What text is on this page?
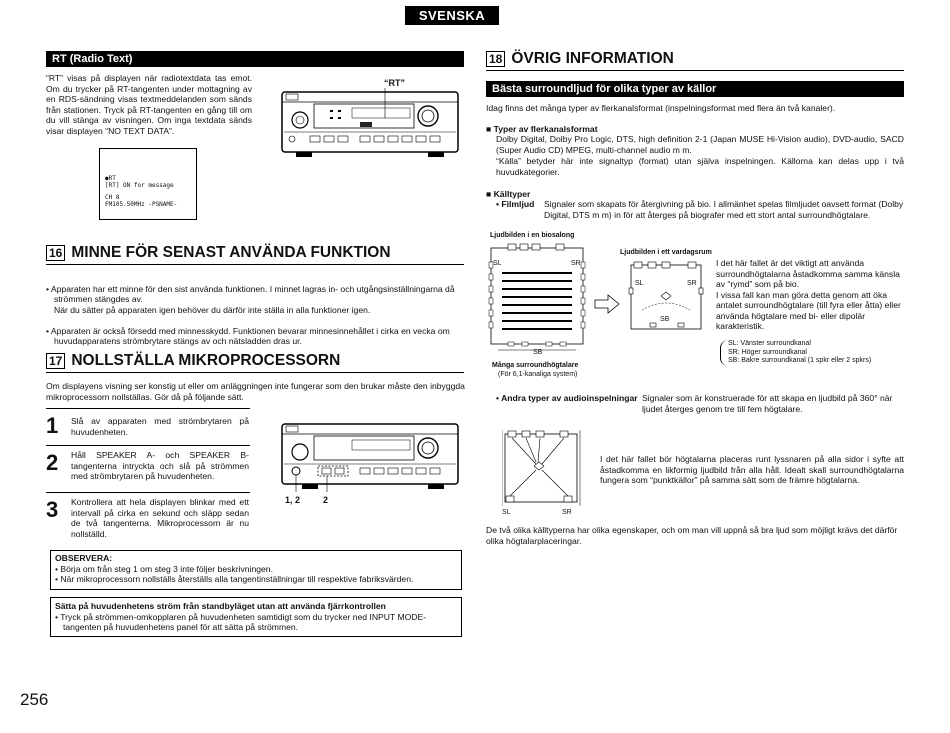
SVENSKA
RT (Radio Text)
“RT” visas på displayen när radiotextdata tas emot. Om du trycker på RT-tangenten under mottagning av en RDS-sändning visas textmeddelanden som sänds från stationen. Tryck på RT-tangenten en gång till om du vill stänga av visningen. Om inga textdata sänds visar displayen “NO TEXT DATA”.
●RT
[RT] ON for message
CH 8
FM105.50MHz -PSNAME-
“RT”
16 MINNE FÖR SENAST ANVÄNDA FUNKTION

• Apparaten har ett minne för den sist använda funktionen. I minnet lagras in- och utgångsinställningarna då strömmen stängdes av.
När du sätter på apparaten igen behöver du därför inte ställa in alla funktioner igen.

• Apparaten är också försedd med minnesskydd. Funktionen bevarar minnesinnehållet i cirka en vecka om huvudapparatens strömbrytare stängs av och nätsladden dras ur.

17 NOLLSTÄLLA MIKROPROCESSORN
Om displayens visning ser konstig ut eller om anläggningen inte fungerar som den brukar måste den inbyggda mikroprocessorn nollställas. Gör då på följande sätt.
1 Slå av apparaten med strömbrytaren på huvudenheten.
2 Håll SPEAKER A- och SPEAKER B-tangenterna intryckta och slå på strömmen med strömbrytaren på huvudenheten.
3 Kontrollera att hela displayen blinkar med ett intervall på cirka en sekund och släpp sedan de två tangenterna. Mikroprocessorn är nu nollställd.
1, 2	2
OBSERVERA:
• Börja om från steg 1 om steg 3 inte följer beskrivningen.
• När mikroprocessorn nollställs återställs alla tangentinställningar till respektive fabriksvärden.
Sätta på huvudenhetens ström från standbyläget utan att använda fjärrkontrollen
• Tryck på strömmen-omkopplaren på huvudenheten samtidigt som du trycker ned INPUT MODE-tangenten på huvudenhetens panel för att sätta på strömmen.
256
18 ÖVRIG INFORMATION
Bästa surroundljud för olika typer av källor
Idag finns det många typer av flerkanalsformat (inspelningsformat med flera än två kanaler).
■ Typer av flerkanalsformat
Dolby Digital, Dolby Pro Logic, DTS, high definition 2-1 (Japan MUSE Hi-Vision audio), DVD-audio, SACD (Super Audio CD) MPEG, multi-channel audio m m.
“Källa” betyder här inte signaltyp (format) utan själva inspelningen. Källorna kan delas upp i två huvudkategorier.
■ Källtyper
• Filmljud Signaler som skapats för återgivning på bio. I allmänhet spelas filmljudet oavsett format (Dolby Digital, DTS m m) in för att återges på biografer med ett stort antal surroundhögtalare.
Ljudbilden i en biosalong
SL	SR
SB
Många surroundhögtalare
(För 6,1-kanaliga system)
Ljudbilden i ett vardagsrum
SL	SR
SB
I det här fallet är det viktigt att använda surroundhögtalarna åstadkomma samma känsla av “rymd” som på bio.
I vissa fall kan man göra detta genom att öka antalet surroundhögtalare (till fyra eller åtta) eller använda högtalare med bi- eller dipolär karakteristik.
SL: Vänster surroundkanal
SR: Höger surroundkanal
SB: Bakre surroundkanal (1 spkr eller 2 spkrs)
• Andra typer av audioinspelningar Signaler som är konstruerade för att skapa en ljudbild på 360° när ljudet återges genom tre till fem högtalare.
SL	SR
I det här fallet bör högtalarna placeras runt lyssnaren på alla sidor i syfte att åstadkomma en likformig ljudbild från alla håll. Idealt skall surroundhögtalarna fungera som “punktkällor” på samma sätt som de främre högtalarna.
De två olika källtyperna har olika egenskaper, och om man vill uppnå så bra ljud som möjligt krävs det därför olika högtalarplaceringar.
